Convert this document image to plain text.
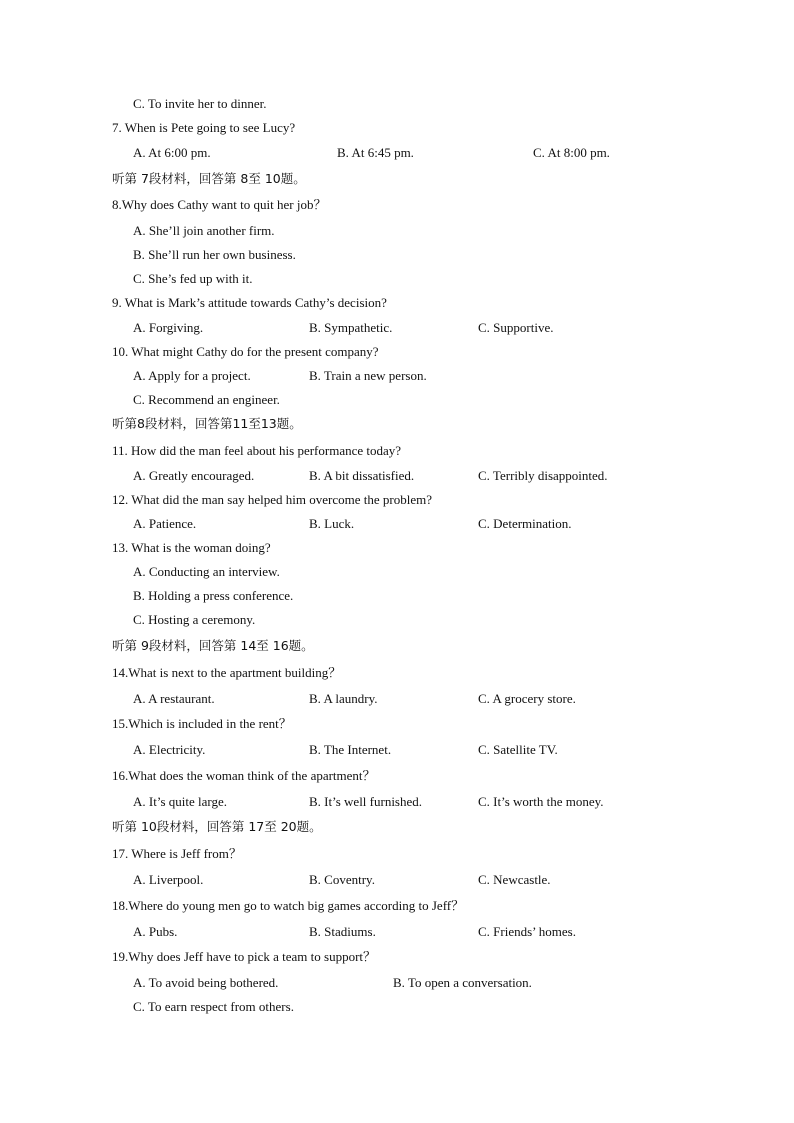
C. To invite her to dinner.
7. When is Pete going to see Lucy?
A. At 6:00 pm.	B. At 6:45 pm.	C. At 8:00 pm.
听第 7段材料，回答第 8至 10题。
8.Why does Cathy want to quit her job？
A. She’ll join another firm.
B. She’ll run her own business.
C. She’s fed up with it.
9. What is Mark’s attitude towards Cathy’s decision?
A. Forgiving.	B. Sympathetic.	C. Supportive.
10. What might Cathy do for the present company?
A. Apply for a project.	B. Train a new person.
C. Recommend an engineer.
听第8段材料，回答第11至13题。
11. How did the man feel about his performance today?
A. Greatly encouraged.	B. A bit dissatisfied.	C. Terribly disappointed.
12. What did the man say helped him overcome the problem?
A. Patience.	B. Luck.	C. Determination.
13. What is the woman doing?
A. Conducting an interview.
B. Holding a press conference.
C. Hosting a ceremony.
听第 9段材料，回答第 14至 16题。
14.What is next to the apartment building？
A. A restaurant.	B. A laundry.	C. A grocery store.
15.Which is included in the rent？
A. Electricity.	B. The Internet.	C. Satellite TV.
16.What does the woman think of the apartment？
A. It’s quite large.	B. It’s well furnished.	C. It’s worth the money.
听第 10段材料，回答第 17至 20题。
17. Where is Jeff from？
A. Liverpool.	B. Coventry.	C. Newcastle.
18.Where do young men go to watch big games according to Jeff？
A. Pubs.	B. Stadiums.	C. Friends’ homes.
19.Why does Jeff have to pick a team to support？
A. To avoid being bothered.	B. To open a conversation.
C. To earn respect from others.
